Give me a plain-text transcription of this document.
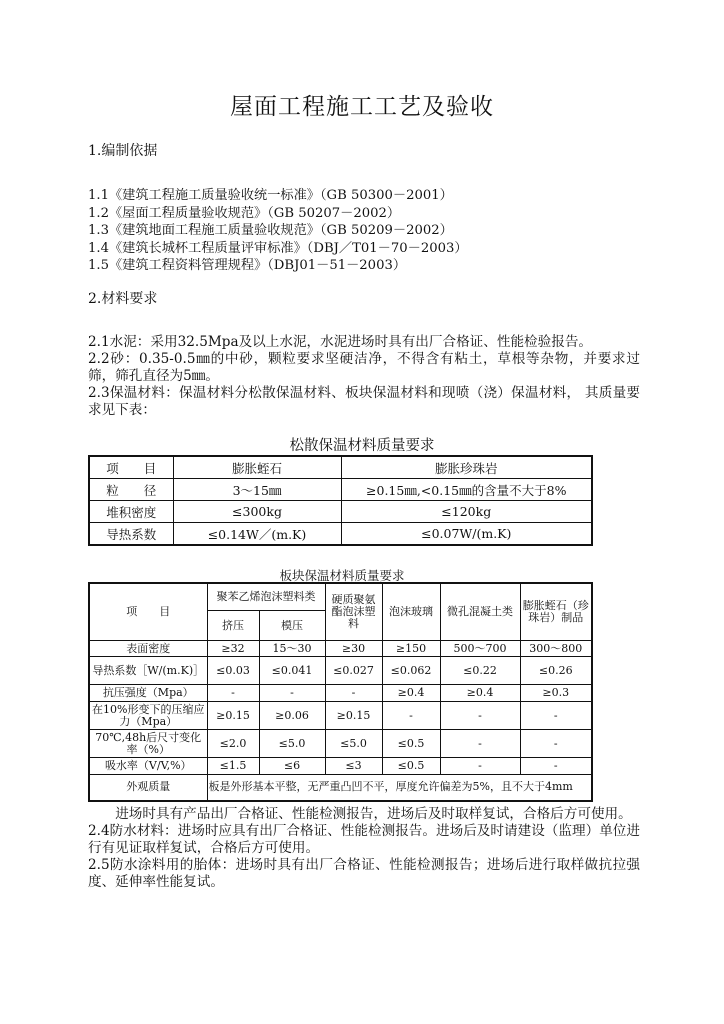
屋面工程施工工艺及验收
1.编制依据
1.1《建筑工程施工质量验收统一标准》（GB 50300－2001）
1.2《屋面工程质量验收规范》（GB 50207－2002）
1.3《建筑地面工程施工质量验收规范》（GB 50209－2002）
1.4《建筑长城杯工程质量评审标准》（DBJ／T01－70－2003）
1.5《建筑工程资料管理规程》（DBJ01－51－2003）
2.材料要求
2.1水泥：采用32.5Mpa及以上水泥，水泥进场时具有出厂合格证、性能检验报告。
2.2砂：0.35-0.5㎜的中砂，颗粒要求坚硬洁净，不得含有粘土，草根等杂物，并要求过筛，筛孔直径为5㎜。
2.3保温材料：保温材料分松散保温材料、板块保温材料和现喷（浇）保温材料， 其质量要求见下表：
松散保温材料质量要求
项　　目	膨胀蛭石	膨胀珍珠岩
粒　　径	3～15㎜	≥0.15㎜,<0.15㎜的含量不大于8%
堆积密度	≤300kg	≤120kg
导热系数	≤0.14W／(m.K)	≤0.07W/(m.K)
板块保温材料质量要求
项　　目	聚苯乙烯泡沫塑料类		硬质聚氨酯泡沫塑料	泡沫玻璃	微孔混凝土类	膨胀蛭石（珍珠岩）制品
	挤压	模压				
表面密度	≥32	15～30	≥30	≥150	500～700	300～800
导热系数［W/(m.K)］	≤0.03	≤0.041	≤0.027	≤0.062	≤0.22	≤0.26
抗压强度（Mpa）	-	-	-	≥0.4	≥0.4	≥0.3
在10%形变下的压缩应力（Mpa）	≥0.15	≥0.06	≥0.15	-	-	-
70℃,48h后尺寸变化率（%）	≤2.0	≤5.0	≤5.0	≤0.5	-	-
吸水率（V/V,%）	≤1.5	≤6	≤3	≤0.5	-	-
外观质量	板是外形基本平整，无严重凸凹不平，厚度允许偏差为5%，且不大于4mm					
进场时具有产品出厂合格证、性能检测报告，进场后及时取样复试，合格后方可使用。
2.4防水材料：进场时应具有出厂合格证、性能检测报告。进场后及时请建设（监理）单位进行有见证取样复试，合格后方可使用。
2.5防水涂料用的胎体：进场时具有出厂合格证、性能检测报告；进场后进行取样做抗拉强度、延伸率性能复试。
